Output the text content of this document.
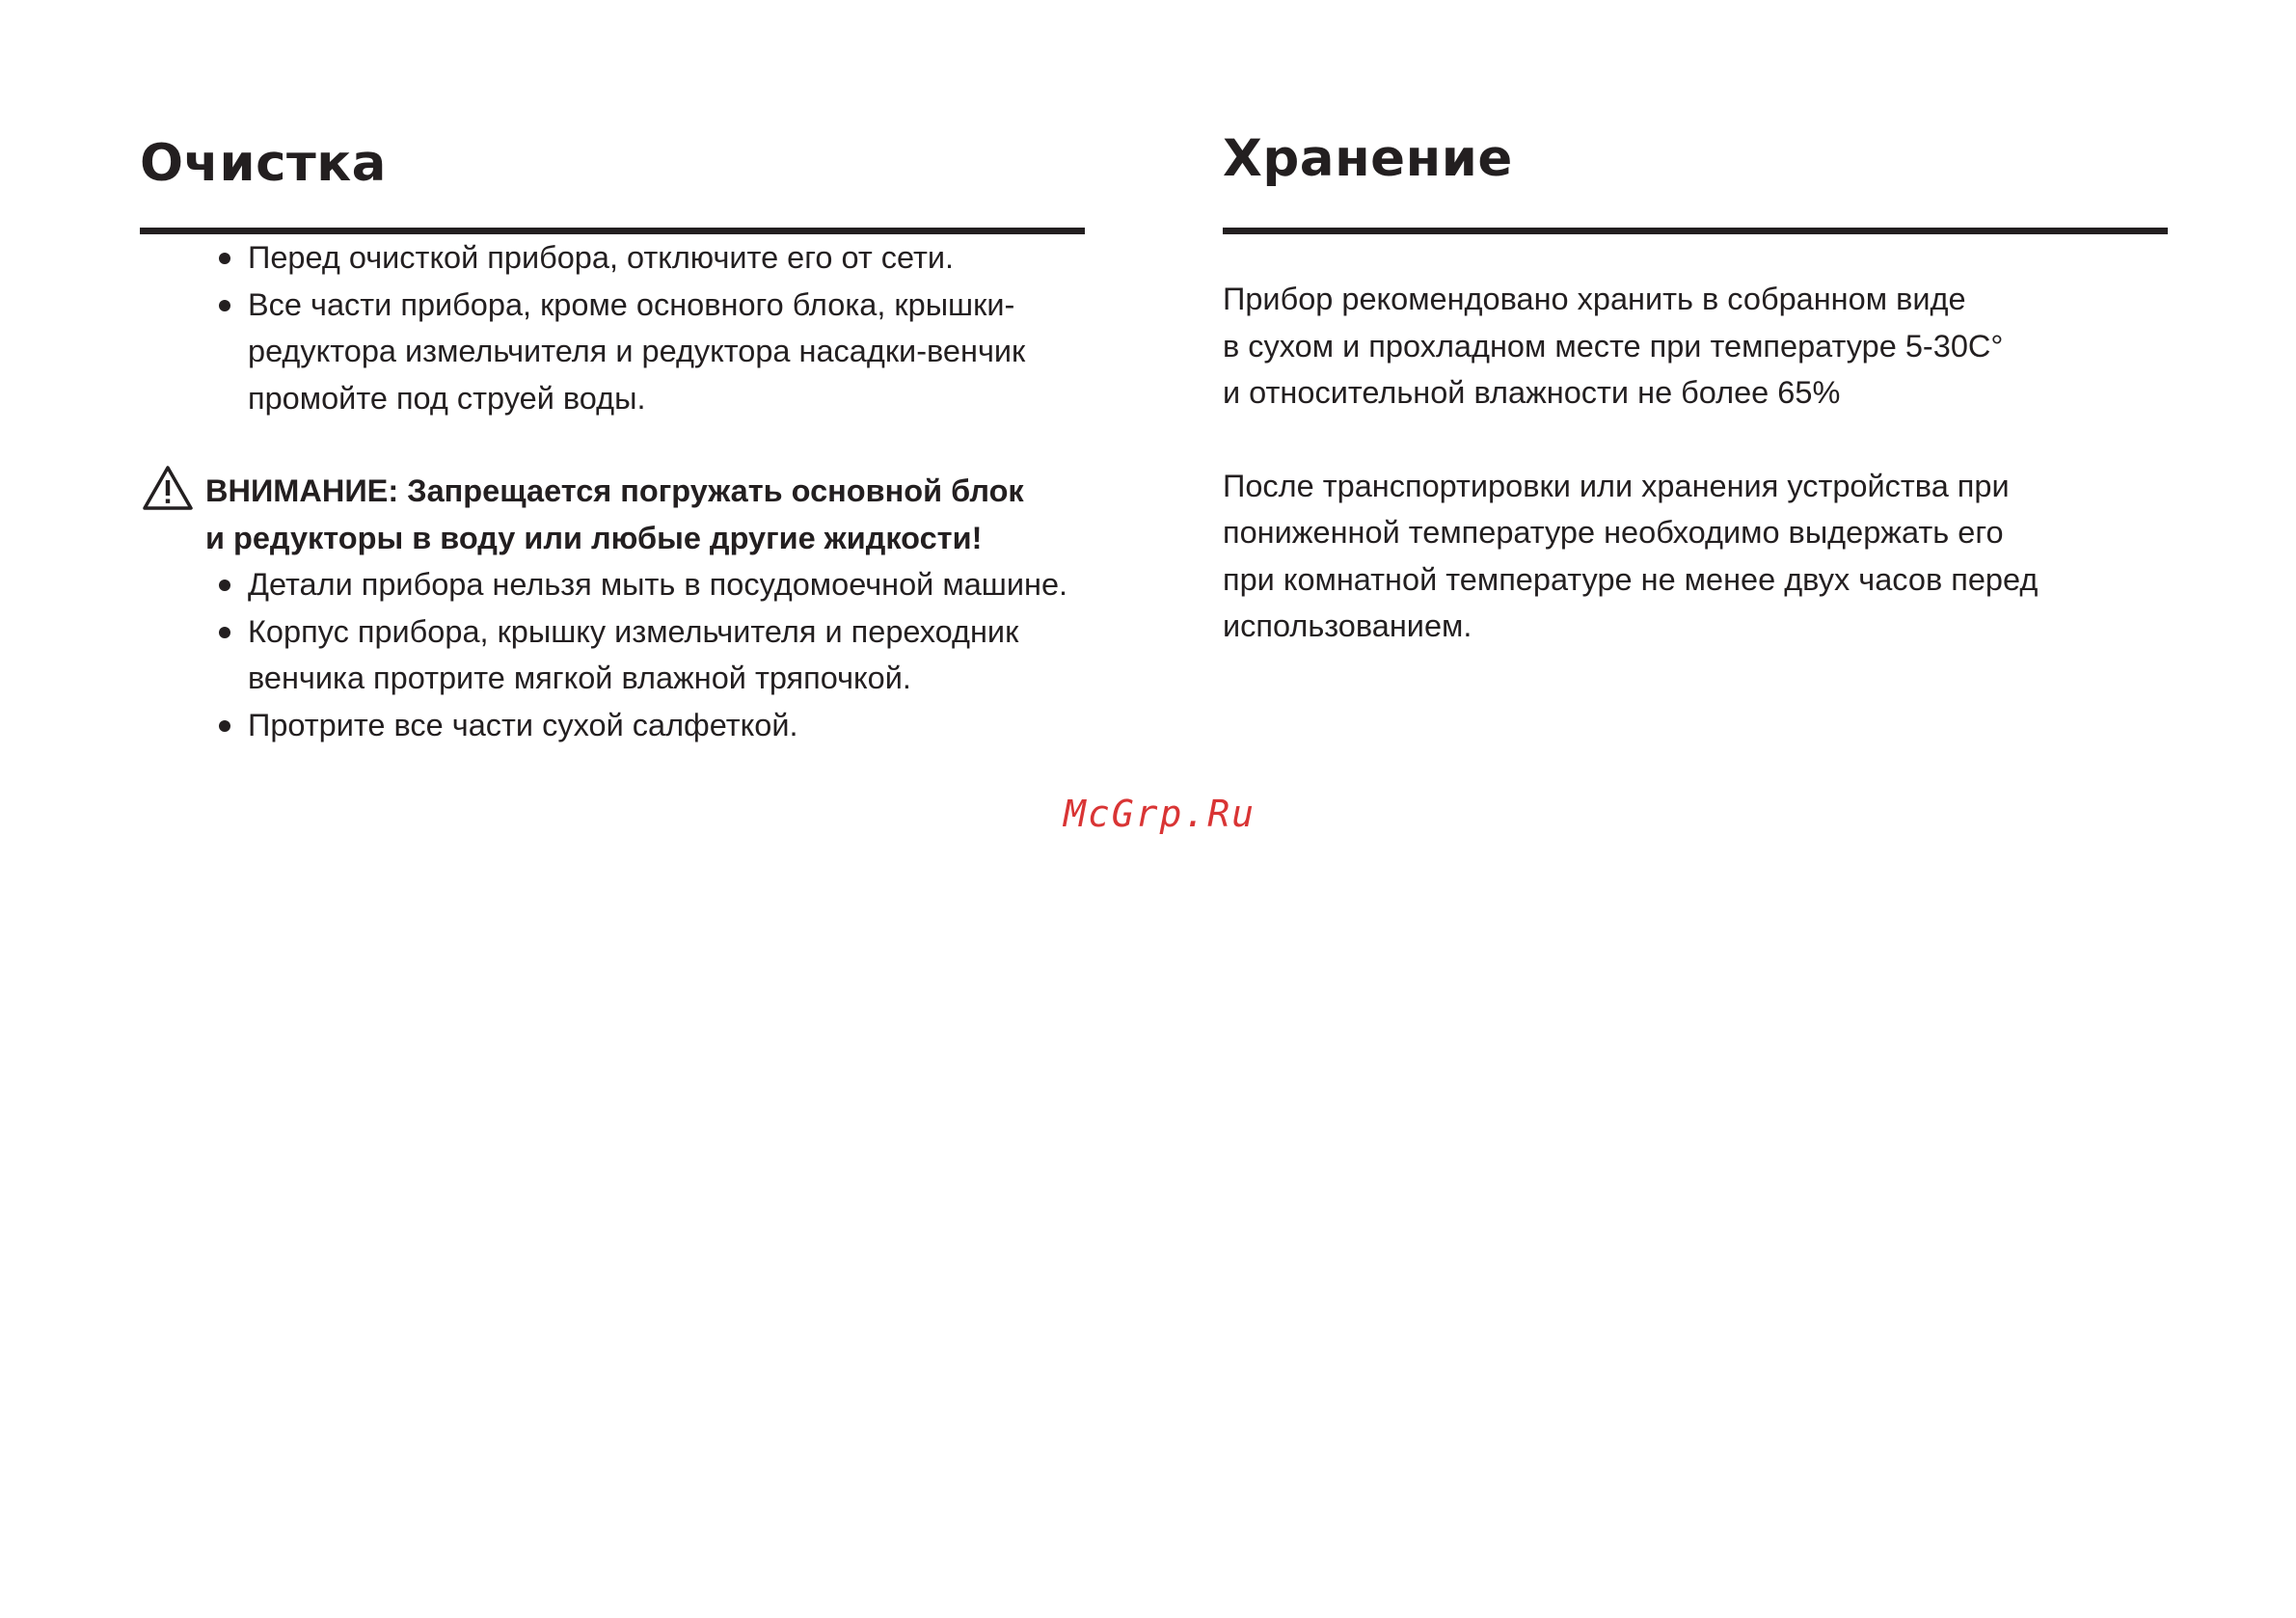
Очистка
Перед очисткой прибора, отключите его от сети.
Все части прибора, кроме основного блока, крышки-редуктора измельчителя и редуктора насадки-венчик промойте под струей воды.
ВНИМАНИЕ: Запрещается погружать основной блок
и редукторы в воду или любые другие жидкости!
Детали прибора нельзя мыть в посудомоечной машине.
Корпус прибора, крышку измельчителя и переходник венчика протрите мягкой влажной тряпочкой.
Протрите все части сухой салфеткой.
Хранение
Прибор рекомендовано хранить в собранном виде
в сухом и прохладном месте при температуре 5-30С°
и относительной влажности не более 65%
После транспортировки или хранения устройства при
пониженной температуре необходимо выдержать его
при комнатной температуре не менее двух часов перед
использованием.
McGrp.Ru
